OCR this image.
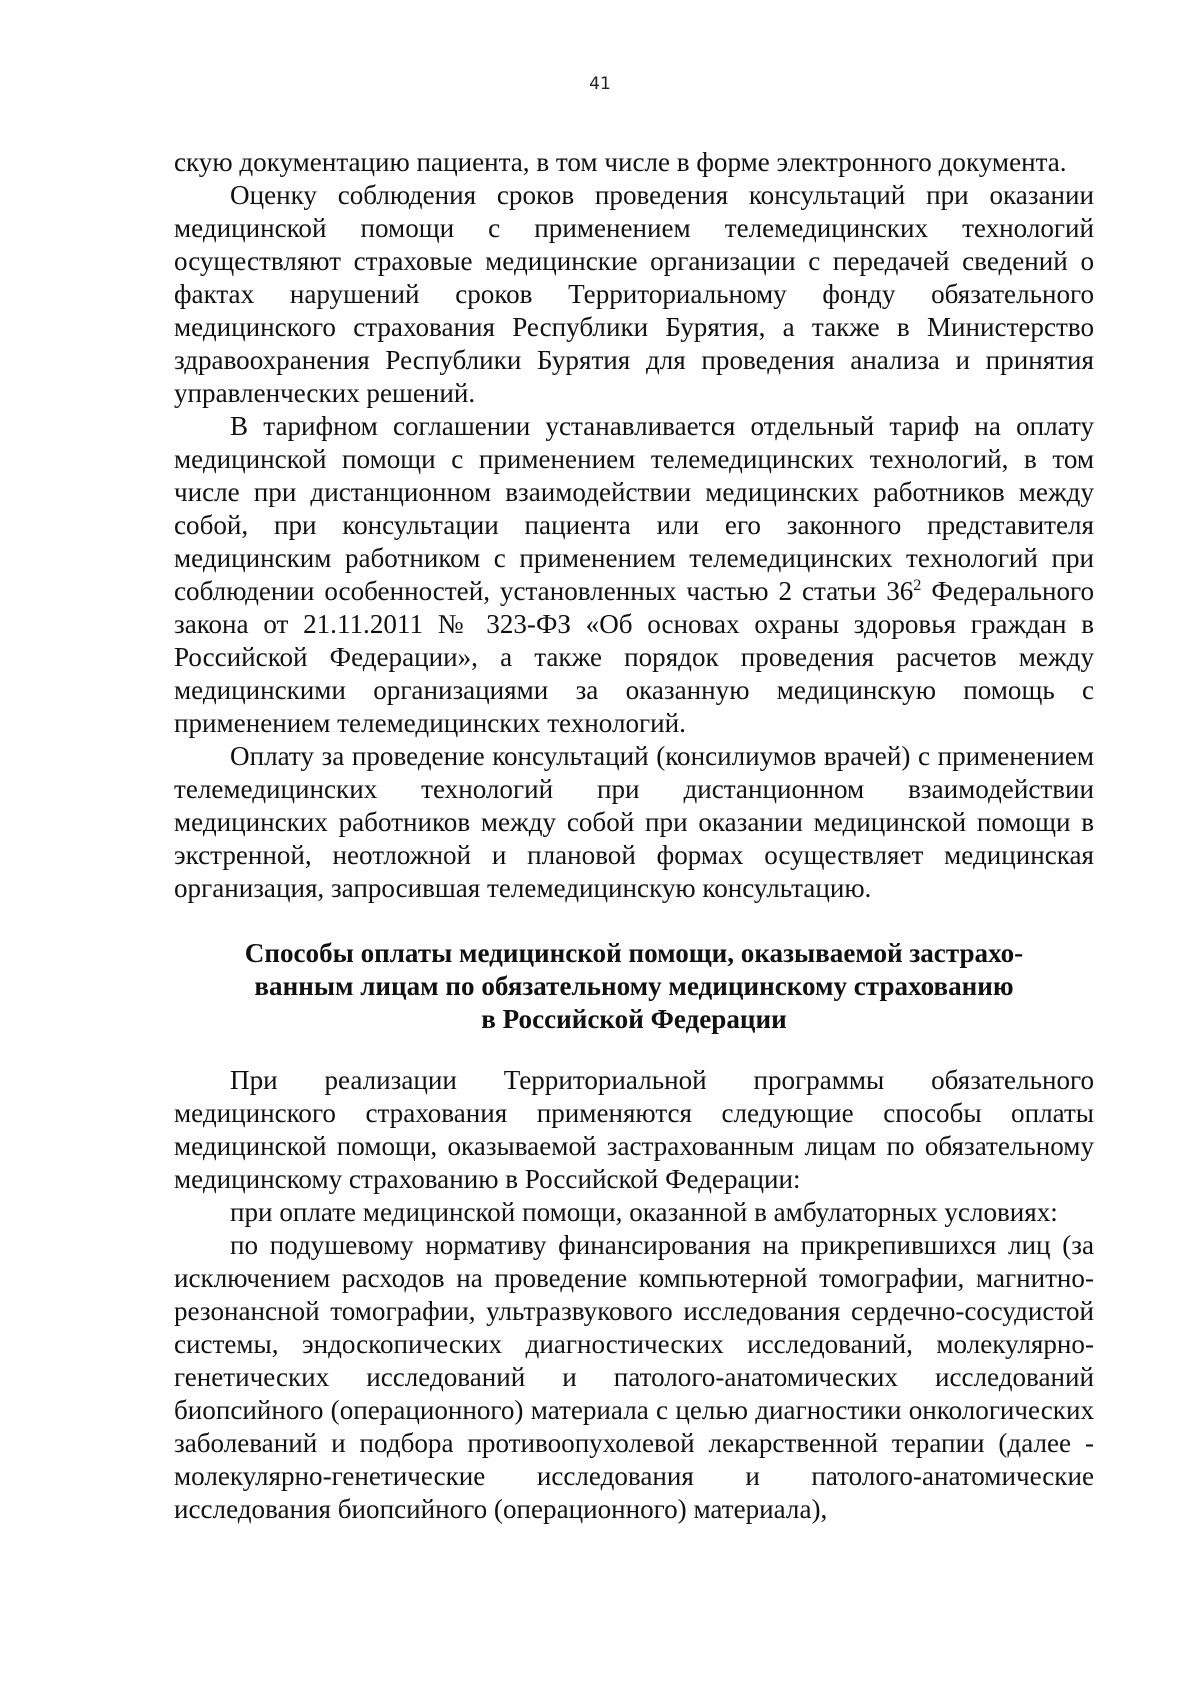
41

скую документацию пациента, в том числе в форме электронного документа.

Оценку соблюдения сроков проведения консультаций при оказании медицинской помощи с применением телемедицинских технологий осуществляют страховые медицинские организации с передачей сведений о фактах нарушений сроков Территориальному фонду обязательного медицинского страхования Республики Бурятия, а также в Министерство здравоохранения Республики Бурятия для проведения анализа и принятия управленческих решений.

В тарифном соглашении устанавливается отдельный тариф на оплату медицинской помощи с применением телемедицинских технологий, в том числе при дистанционном взаимодействии медицинских работников между собой, при консультации пациента или его законного представителя медицинским работником с применением телемедицинских технологий при соблюдении особенностей, установленных частью 2 статьи $36^2$ Федерального закона от 21.11.2011 № 323-ФЗ «Об основах охраны здоровья граждан в Российской Федерации», а также порядок проведения расчетов между медицинскими организациями за оказанную медицинскую помощь с применением телемедицинских технологий.

Оплату за проведение консультаций (консилиумов врачей) с применением телемедицинских технологий при дистанционном взаимодействии медицинских работников между собой при оказании медицинской помощи в экстренной, неотложной и плановой формах осуществляет медицинская организация, запросившая телемедицинскую консультацию.

Способы оплаты медицинской помощи, оказываемой застрахо-
ванным лицам по обязательному медицинскому страхованию
в Российской Федерации

При реализации Территориальной программы обязательного медицинского страхования применяются следующие способы оплаты медицинской помощи, оказываемой застрахованным лицам по обязательному медицинскому страхованию в Российской Федерации:

при оплате медицинской помощи, оказанной в амбулаторных условиях:

по подушевому нормативу финансирования на прикрепившихся лиц (за исключением расходов на проведение компьютерной томографии, магнитно-резонансной томографии, ультразвукового исследования сердечно-сосудистой системы, эндоскопических диагностических исследований, молекулярно-генетических исследований и патолого-анатомических исследований биопсийного (операционного) материала с целью диагностики онкологических заболеваний и подбора противоопухолевой лекарственной терапии (далее - молекулярно-генетические исследования и патолого-анатомические исследования биопсийного (операционного) материала),
